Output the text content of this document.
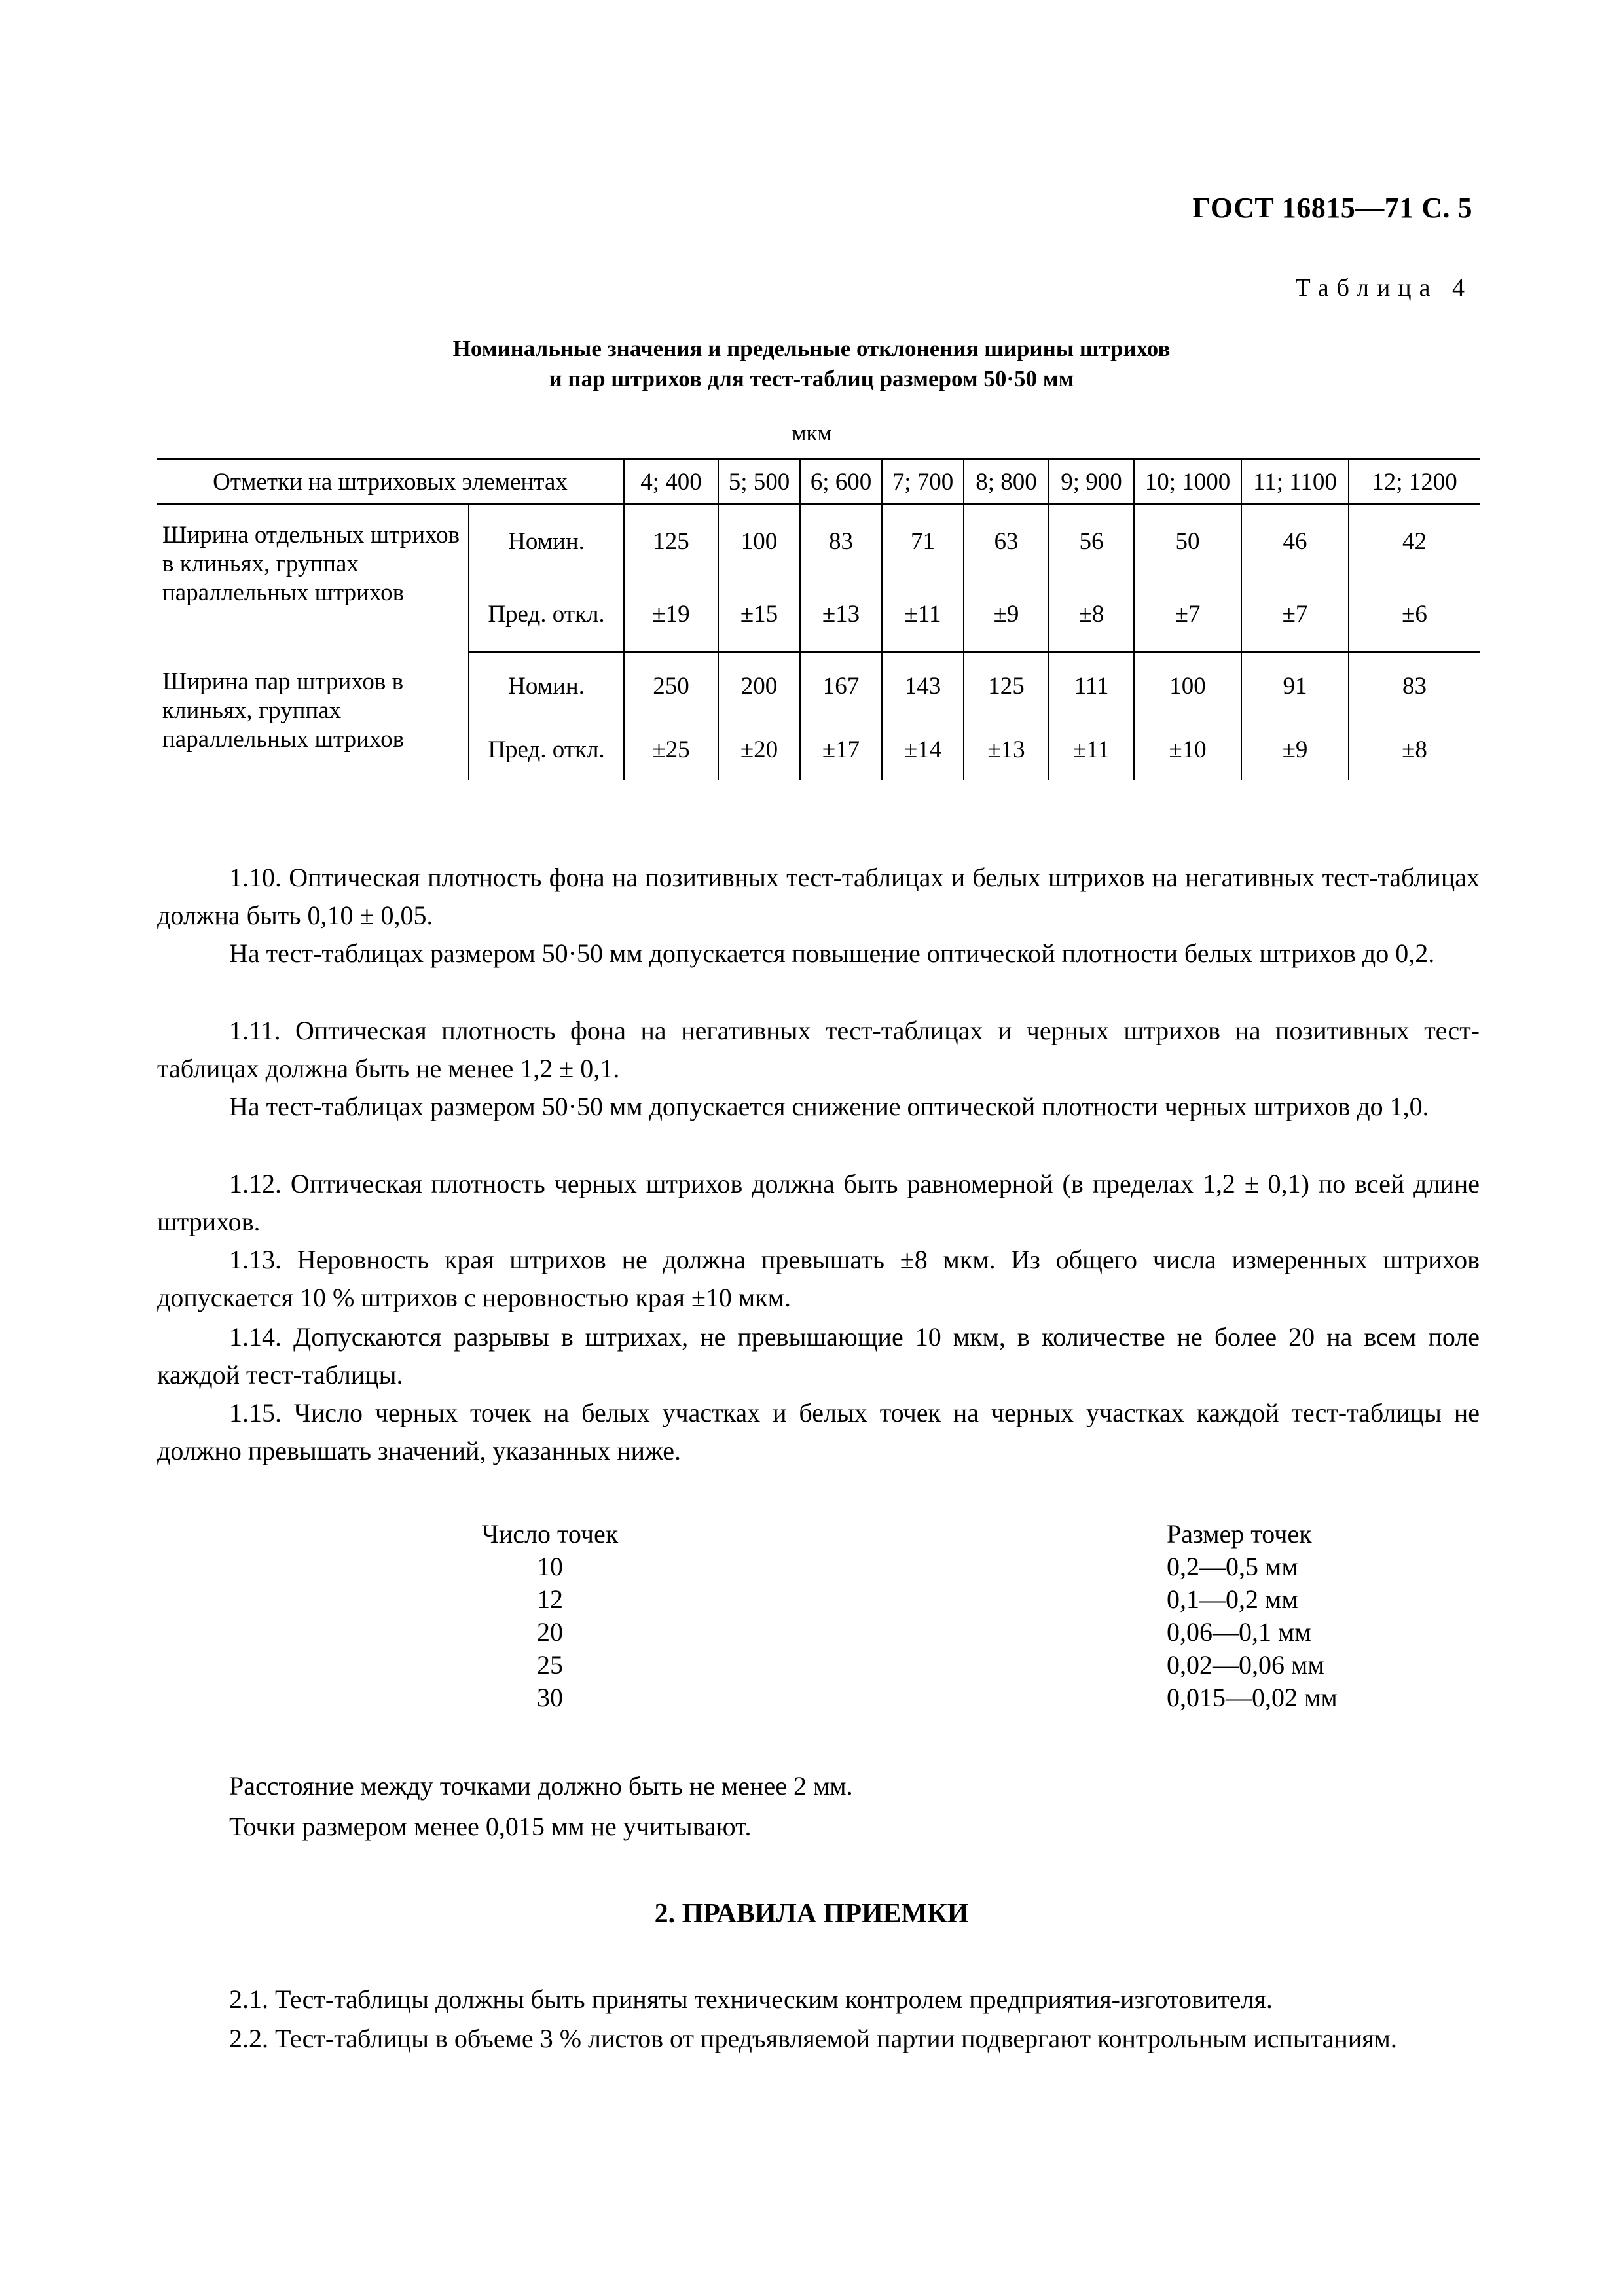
ГОСТ 16815—71 С. 5
Таблица 4
Номинальные значения и предельные отклонения ширины штрихов
и пар штрихов для тест-таблиц размером 50·50 мм
мкм
Отметки на штриховых элементах		4; 400	5; 500	6; 600	7; 700	8; 800	9; 900	10; 1000	11; 1100	12; 1200
Ширина отдельных штрихов в клиньях, группах параллельных штрихов	Номин.	125	100	83	71	63	56	50	46	42
	Пред. откл.	±19	±15	±13	±11	±9	±8	±7	±7	±6
Ширина пар штрихов в клиньях, группах параллельных штрихов	Номин.	250	200	167	143	125	111	100	91	83
	Пред. откл.	±25	±20	±17	±14	±13	±11	±10	±9	±8
1.10. Оптическая плотность фона на позитивных тест-таблицах и белых штрихов на негативных тест-таблицах должна быть 0,10 ± 0,05.
На тест-таблицах размером 50·50 мм допускается повышение оптической плотности белых штрихов до 0,2.
1.11. Оптическая плотность фона на негативных тест-таблицах и черных штрихов на позитивных тест-таблицах должна быть не менее 1,2 ± 0,1.
На тест-таблицах размером 50·50 мм допускается снижение оптической плотности черных штрихов до 1,0.
1.12. Оптическая плотность черных штрихов должна быть равномерной (в пределах 1,2 ± 0,1) по всей длине штрихов.
1.13. Неровность края штрихов не должна превышать ±8 мкм. Из общего числа измеренных штрихов допускается 10 % штрихов с неровностью края ±10 мкм.
1.14. Допускаются разрывы в штрихах, не превышающие 10 мкм, в количестве не более 20 на всем поле каждой тест-таблицы.
1.15. Число черных точек на белых участках и белых точек на черных участках каждой тест-таблицы не должно превышать значений, указанных ниже.
Число точек	Размер точек
10	0,2—0,5 мм
12	0,1—0,2 мм
20	0,06—0,1 мм
25	0,02—0,06 мм
30	0,015—0,02 мм
Расстояние между точками должно быть не менее 2 мм.
Точки размером менее 0,015 мм не учитывают.
2. ПРАВИЛА ПРИЕМКИ
2.1. Тест-таблицы должны быть приняты техническим контролем предприятия-изготовителя.
2.2. Тест-таблицы в объеме 3 % листов от предъявляемой партии подвергают контрольным испытаниям.
